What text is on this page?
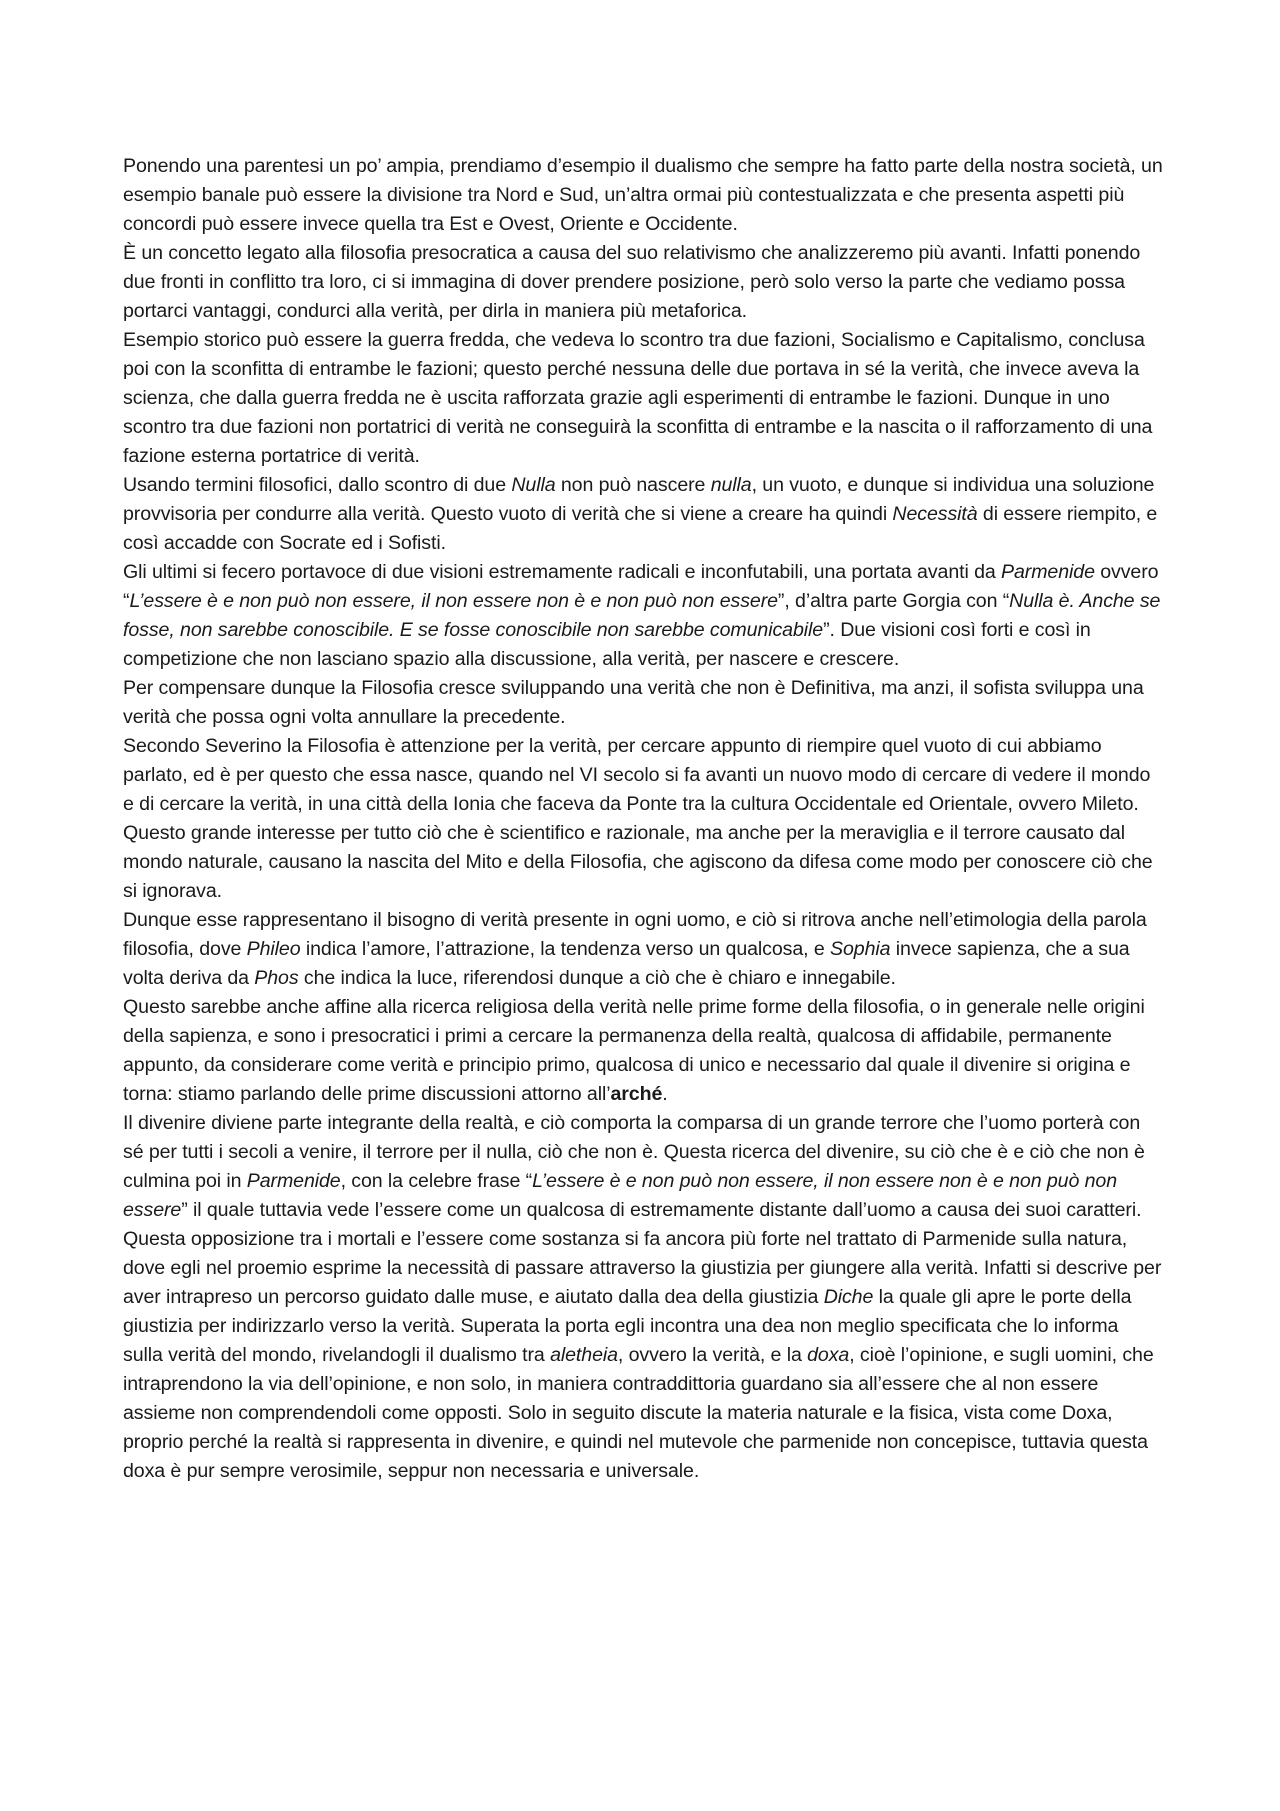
Ponendo una parentesi un po’ ampia, prendiamo d’esempio il dualismo che sempre ha fatto parte della nostra società, un esempio banale può essere la divisione tra Nord e Sud, un’altra ormai più contestualizzata e che presenta aspetti più concordi può essere invece quella tra Est e Ovest, Oriente e Occidente.

È un concetto legato alla filosofia presocratica a causa del suo relativismo che analizzeremo più avanti. Infatti ponendo due fronti in conflitto tra loro, ci si immagina di dover prendere posizione, però solo verso la parte che vediamo possa portarci vantaggi, condurci alla verità, per dirla in maniera più metaforica.

Esempio storico può essere la guerra fredda, che vedeva lo scontro tra due fazioni, Socialismo e Capitalismo, conclusa poi con la sconfitta di entrambe le fazioni; questo perché nessuna delle due portava in sé la verità, che invece aveva la scienza, che dalla guerra fredda ne è uscita rafforzata grazie agli esperimenti di entrambe le fazioni. Dunque in uno scontro tra due fazioni non portatrici di verità ne conseguirà la sconfitta di entrambe e la nascita o il rafforzamento di una fazione esterna portatrice di verità.

Usando termini filosofici, dallo scontro di due Nulla non può nascere nulla, un vuoto, e dunque si individua una soluzione provvisoria per condurre alla verità. Questo vuoto di verità che si viene a creare ha quindi Necessità di essere riempito, e così accadde con Socrate ed i Sofisti.

Gli ultimi si fecero portavoce di due visioni estremamente radicali e inconfutabili, una portata avanti da Parmenide ovvero “L’essere è e non può non essere, il non essere non è e non può non essere”, d’altra parte Gorgia con “Nulla è. Anche se fosse, non sarebbe conoscibile. E se fosse conoscibile non sarebbe comunicabile”. Due visioni così forti e così in competizione che non lasciano spazio alla discussione, alla verità, per nascere e crescere.

Per compensare dunque la Filosofia cresce sviluppando una verità che non è Definitiva, ma anzi, il sofista sviluppa una verità che possa ogni volta annullare la precedente.

Secondo Severino la Filosofia è attenzione per la verità, per cercare appunto di riempire quel vuoto di cui abbiamo parlato, ed è per questo che essa nasce, quando nel VI secolo si fa avanti un nuovo modo di cercare di vedere il mondo e di cercare la verità, in una città della Ionia che faceva da Ponte tra la cultura Occidentale ed Orientale, ovvero Mileto.

Questo grande interesse per tutto ciò che è scientifico e razionale, ma anche per la meraviglia e il terrore causato dal mondo naturale, causano la nascita del Mito e della Filosofia, che agiscono da difesa come modo per conoscere ciò che si ignorava.

Dunque esse rappresentano il bisogno di verità presente in ogni uomo, e ciò si ritrova anche nell’etimologia della parola filosofia, dove Phileo indica l’amore, l’attrazione, la tendenza verso un qualcosa, e Sophia invece sapienza, che a sua volta deriva da Phos che indica la luce, riferendosi dunque a ciò che è chiaro e innegabile.

Questo sarebbe anche affine alla ricerca religiosa della verità nelle prime forme della filosofia, o in generale nelle origini della sapienza, e sono i presocratici i primi a cercare la permanenza della realtà, qualcosa di affidabile, permanente appunto, da considerare come verità e principio primo, qualcosa di unico e necessario dal quale il divenire si origina e torna: stiamo parlando delle prime discussioni attorno all’arché.

Il divenire diviene parte integrante della realtà, e ciò comporta la comparsa di un grande terrore che l’uomo porterà con sé per tutti i secoli a venire, il terrore per il nulla, ciò che non è. Questa ricerca del divenire, su ciò che è e ciò che non è culmina poi in Parmenide, con la celebre frase “L’essere è e non può non essere, il non essere non è e non può non essere” il quale tuttavia vede l’essere come un qualcosa di estremamente distante dall’uomo a causa dei suoi caratteri. Questa opposizione tra i mortali e l’essere come sostanza si fa ancora più forte nel trattato di Parmenide sulla natura, dove egli nel proemio esprime la necessità di passare attraverso la giustizia per giungere alla verità. Infatti si descrive per aver intrapreso un percorso guidato dalle muse, e aiutato dalla dea della giustizia Diche la quale gli apre le porte della giustizia per indirizzarlo verso la verità. Superata la porta egli incontra una dea non meglio specificata che lo informa sulla verità del mondo, rivelandogli il dualismo tra aletheia, ovvero la verità, e la doxa, cioè l’opinione, e sugli uomini, che intraprendono la via dell’opinione, e non solo, in maniera contraddittoria guardano sia all’essere che al non essere assieme non comprendendoli come opposti. Solo in seguito discute la materia naturale e la fisica, vista come Doxa, proprio perché la realtà si rappresenta in divenire, e quindi nel mutevole che parmenide non concepisce, tuttavia questa doxa è pur sempre verosimile, seppur non necessaria e universale.
